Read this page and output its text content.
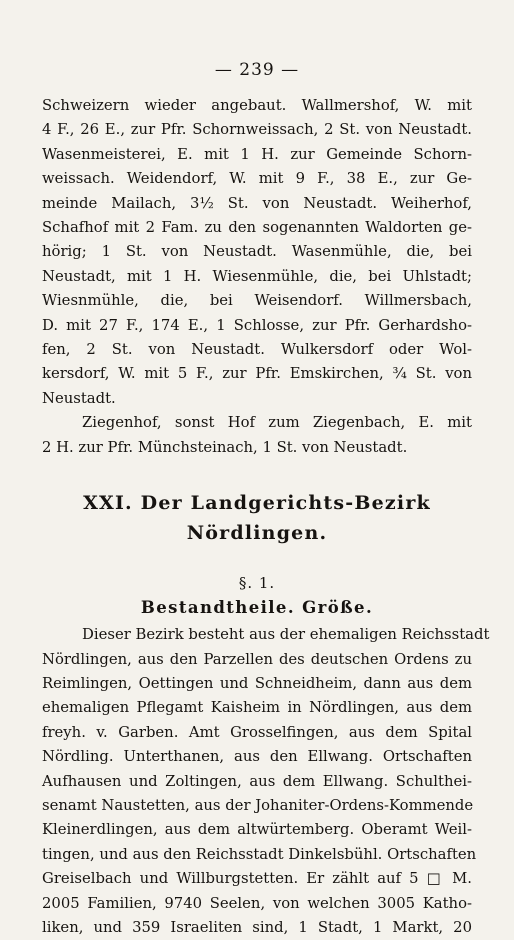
— 239 —
Schweizern wieder angebaut. Wallmershof, W. mit
4 F., 26 E., zur Pfr. Schornweissach, 2 St. von Neustadt.
Wasenmeisterei, E. mit 1 H. zur Gemeinde Schorn-
weissach. Weidendorf, W. mit 9 F., 38 E., zur Ge-
meinde Mailach, 3½ St. von Neustadt. Weiherhof,
Schafhof mit 2 Fam. zu den sogenannten Waldorten ge-
hörig; 1 St. von Neustadt. Wasenmühle, die, bei
Neustadt, mit 1 H. Wiesenmühle, die, bei Uhlstadt;
Wiesnmühle, die, bei Weisendorf. Willmersbach,
D. mit 27 F., 174 E., 1 Schlosse, zur Pfr. Gerhardsho-
fen, 2 St. von Neustadt. Wulkersdorf oder Wol-
kersdorf, W. mit 5 F., zur Pfr. Emskirchen, ¾ St. von
Neustadt.
Ziegenhof, sonst Hof zum Ziegenbach, E. mit
2 H. zur Pfr. Münchsteinach, 1 St. von Neustadt.
XXI. Der Landgerichts-Bezirk
Nördlingen.
§. 1.
Bestandtheile. Größe.
Dieser Bezirk besteht aus der ehemaligen Reichsstadt
Nördlingen, aus den Parzellen des deutschen Ordens zu
Reimlingen, Oettingen und Schneidheim, dann aus dem
ehemaligen Pflegamt Kaisheim in Nördlingen, aus dem
freyh. v. Garben. Amt Grosselfingen, aus dem Spital
Nördling. Unterthanen, aus den Ellwang. Ortschaften
Aufhausen und Zoltingen, aus dem Ellwang. Schulthei-
senamt Naustetten, aus der Johaniter-Ordens-Kommende
Kleinerdlingen, aus dem altwürtemberg. Oberamt Weil-
tingen, und aus den Reichsstadt Dinkelsbühl. Ortschaften
Greiselbach und Willburgstetten. Er zählt auf 5 □ M.
2005 Familien, 9740 Seelen, von welchen 3005 Katho-
liken, und 359 Israeliten sind, 1 Stadt, 1 Markt, 20
